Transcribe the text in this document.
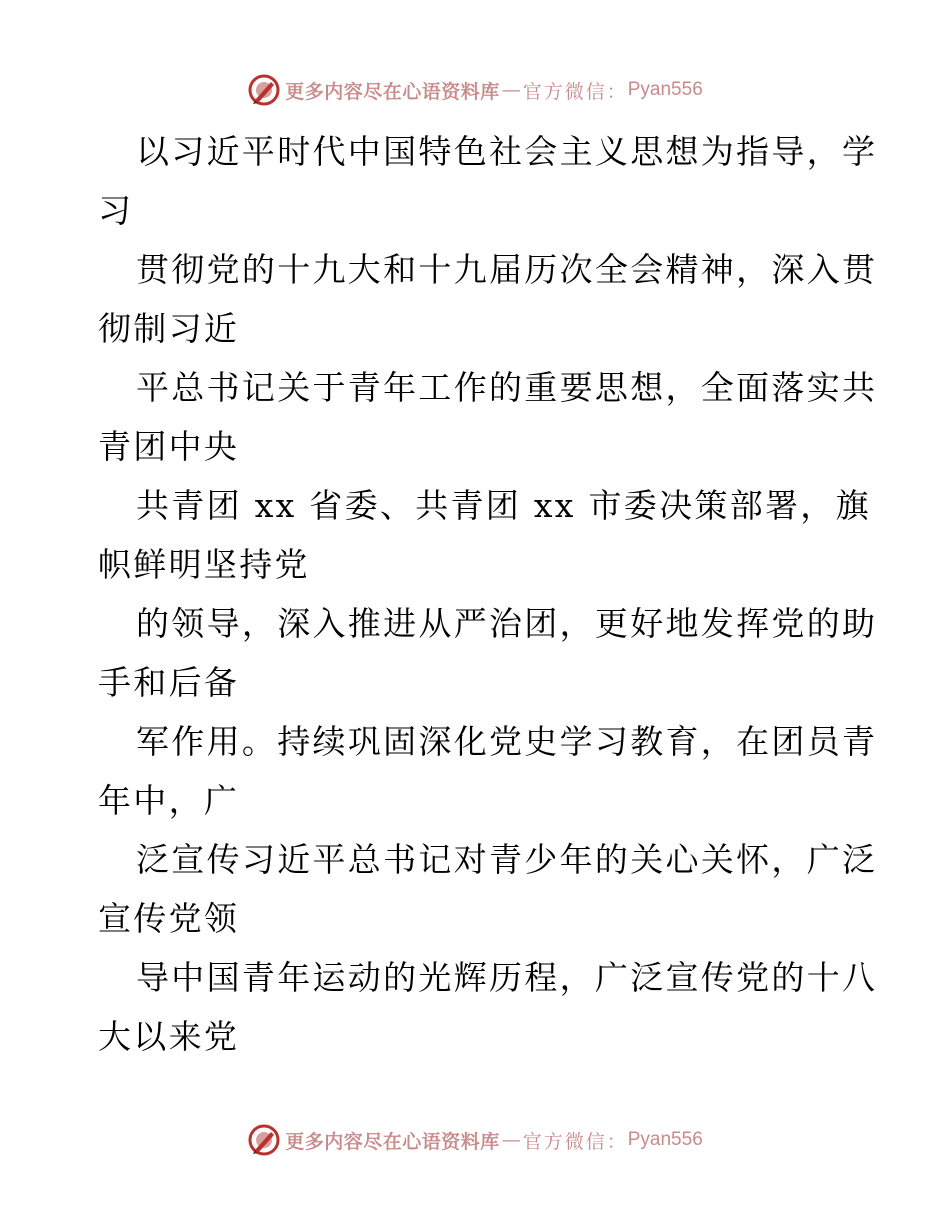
更多内容尽在心语资料库 — 官方微信： Pyan556
以习近平时代中国特色社会主义思想为指导，学
习
贯彻党的十九大和十九届历次全会精神，深入贯
彻制习近
平总书记关于青年工作的重要思想，全面落实共
青团中央
共青团 xx 省委、共青团 xx 市委决策部署，旗
帜鲜明坚持党
的领导，深入推进从严治团，更好地发挥党的助
手和后备
军作用。持续巩固深化党史学习教育，在团员青
年中，广
泛宣传习近平总书记对青少年的关心关怀，广泛
宣传党领
导中国青年运动的光辉历程，广泛宣传党的十八
大以来党
更多内容尽在心语资料库 — 官方微信： Pyan556
